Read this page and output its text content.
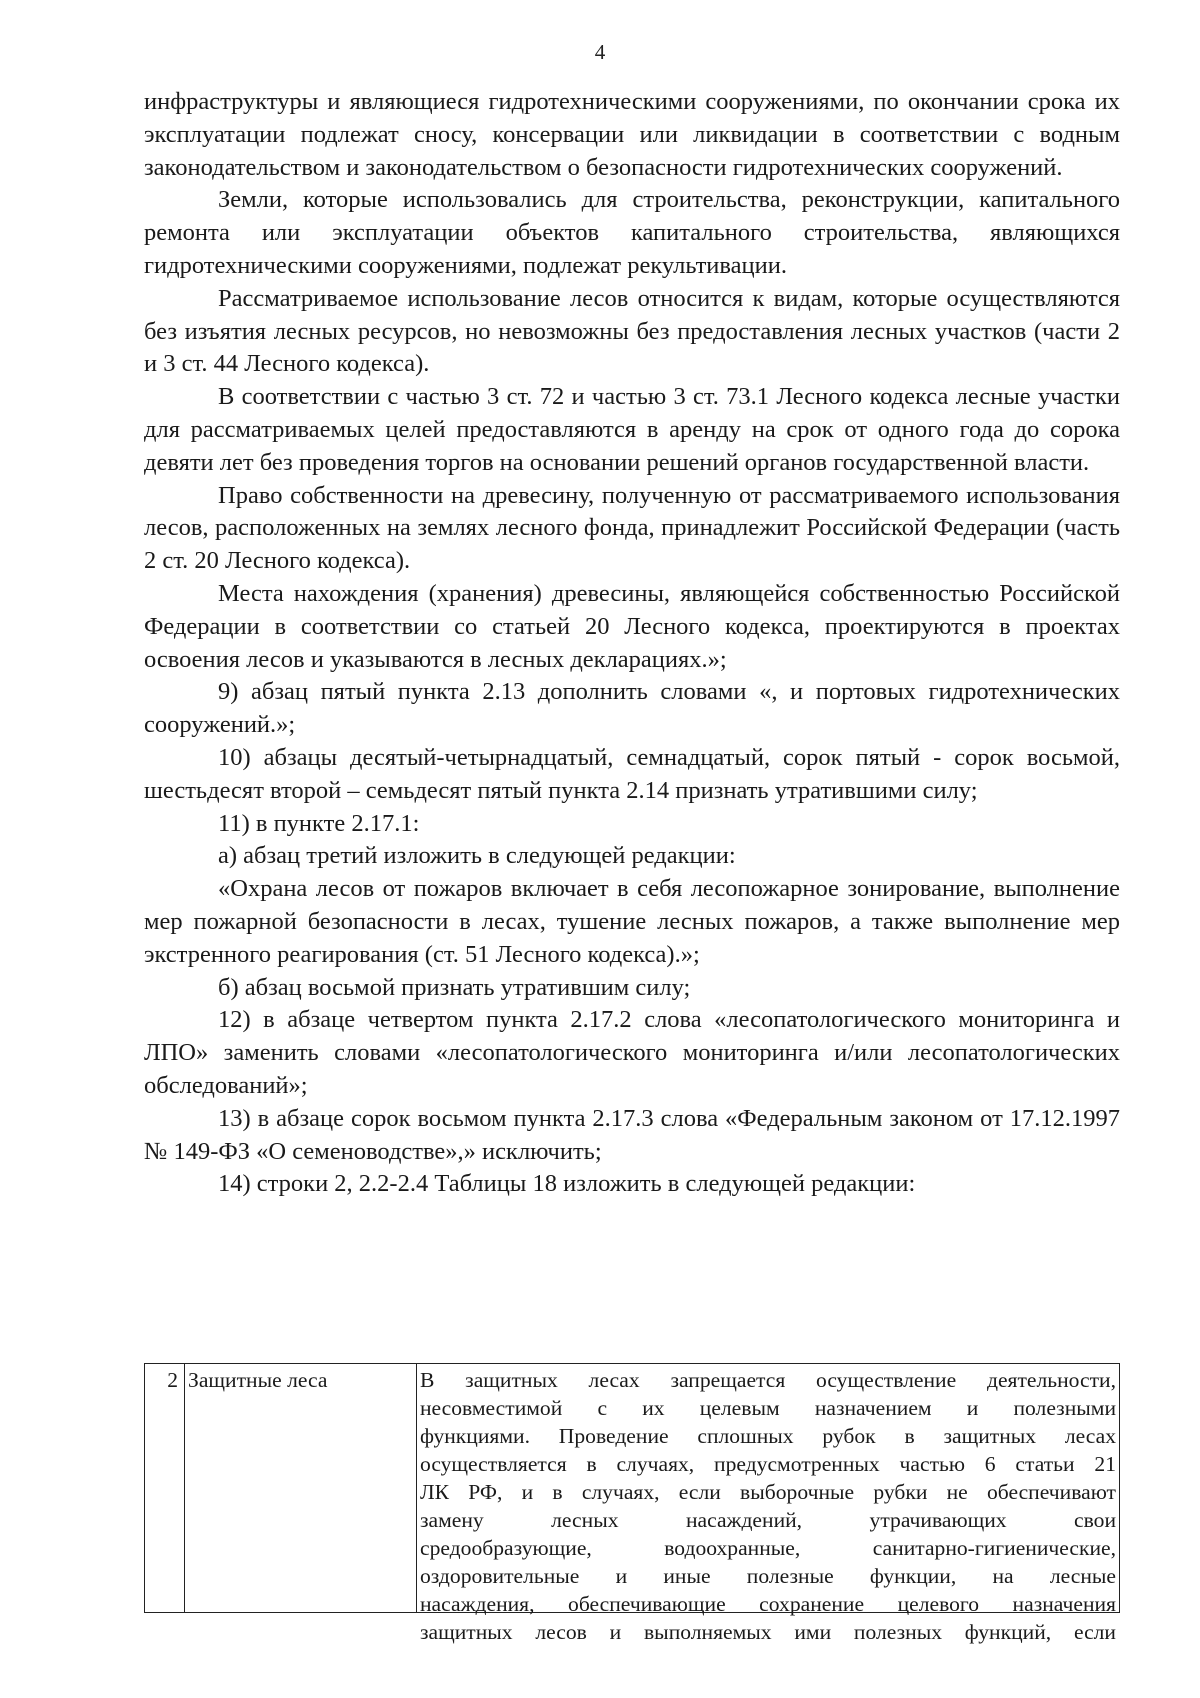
4

инфраструктуры и являющиеся гидротехническими сооружениями, по окончании срока их эксплуатации подлежат сносу, консервации или ликвидации в соответствии с водным законодательством и законодательством о безопасности гидротехнических сооружений.

Земли, которые использовались для строительства, реконструкции, капитального ремонта или эксплуатации объектов капитального строительства, являющихся гидротехническими сооружениями, подлежат рекультивации.

Рассматриваемое использование лесов относится к видам, которые осуществляются без изъятия лесных ресурсов, но невозможны без предоставления лесных участков (части 2 и 3 ст. 44 Лесного кодекса).

В соответствии с частью 3 ст. 72 и частью 3 ст. 73.1 Лесного кодекса лесные участки для рассматриваемых целей предоставляются в аренду на срок от одного года до сорока девяти лет без проведения торгов на основании решений органов государственной власти.

Право собственности на древесину, полученную от рассматриваемого использования лесов, расположенных на землях лесного фонда, принадлежит Российской Федерации (часть 2 ст. 20 Лесного кодекса).

Места нахождения (хранения) древесины, являющейся собственностью Российской Федерации в соответствии со статьей 20 Лесного кодекса, проектируются в проектах освоения лесов и указываются в лесных декларациях.»;

9) абзац пятый пункта 2.13 дополнить словами «, и портовых гидротехнических сооружений.»;

10) абзацы десятый-четырнадцатый, семнадцатый, сорок пятый - сорок восьмой, шестьдесят второй – семьдесят пятый пункта 2.14 признать утратившими силу;

11) в пункте 2.17.1:

а) абзац третий изложить в следующей редакции:

«Охрана лесов от пожаров включает в себя лесопожарное зонирование, выполнение мер пожарной безопасности в лесах, тушение лесных пожаров, а также выполнение мер экстренного реагирования (ст. 51 Лесного кодекса).»;

б) абзац восьмой признать утратившим силу;

12) в абзаце четвертом пункта 2.17.2 слова «лесопатологического мониторинга и ЛПО» заменить словами «лесопатологического мониторинга и/или лесопатологических обследований»;

13) в абзаце сорок восьмом пункта 2.17.3 слова «Федеральным законом от 17.12.1997 № 149-ФЗ «О семеноводстве»,» исключить;

14) строки 2, 2.2-2.4 Таблицы 18 изложить в следующей редакции:

2 Защитные леса	В защитных лесах запрещается осуществление деятельности,
несовместимой с их целевым назначением и полезными
функциями. Проведение сплошных рубок в защитных лесах
осуществляется в случаях, предусмотренных частью 6 статьи 21
ЛК РФ, и в случаях, если выборочные рубки не обеспечивают
замену лесных насаждений, утрачивающих свои
средообразующие, водоохранные, санитарно-гигиенические,
оздоровительные и иные полезные функции, на лесные
насаждения, обеспечивающие сохранение целевого назначения
защитных лесов и выполняемых ими полезных функций, если
